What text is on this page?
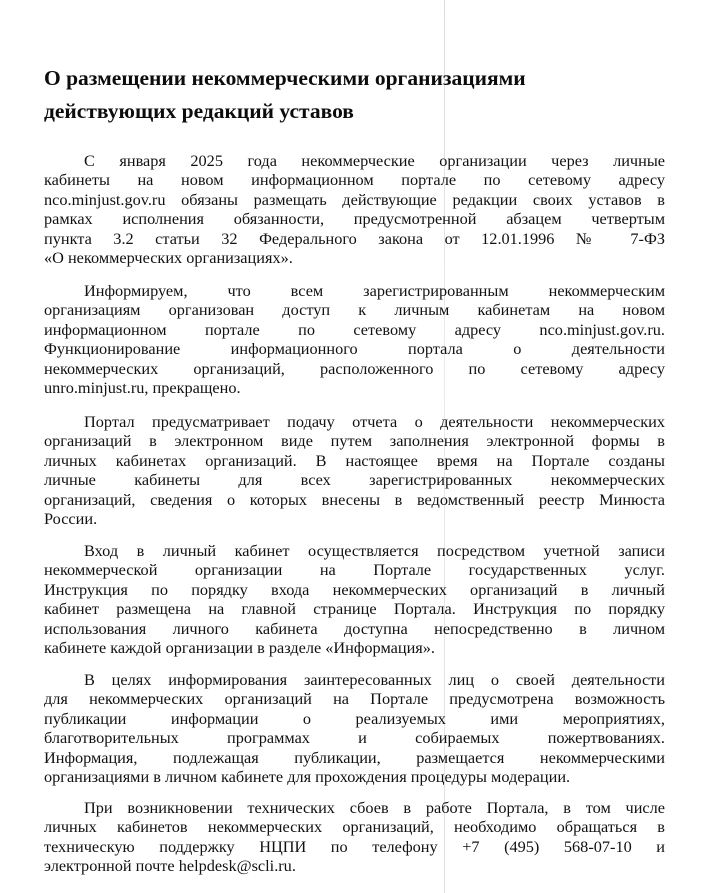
О размещении некоммерческими организациями
действующих редакций уставов

С января 2025 года некоммерческие организации через личные
кабинеты на новом информационном портале по сетевому адресу
nco.minjust.gov.ru обязаны размещать действующие редакции своих уставов в
рамках исполнения обязанности, предусмотренной абзацем четвертым
пункта 3.2 статьи 32 Федерального закона от 12.01.1996 № 7-ФЗ
«О некоммерческих организациях».

Информируем, что всем зарегистрированным некоммерческим
организациям организован доступ к личным кабинетам на новом
информационном портале по сетевому адресу nco.minjust.gov.ru.
Функционирование информационного портала о деятельности
некоммерческих организаций, расположенного по сетевому адресу
unro.minjust.ru, прекращено.

Портал предусматривает подачу отчета о деятельности некоммерческих
организаций в электронном виде путем заполнения электронной формы в
личных кабинетах организаций. В настоящее время на Портале созданы
личные кабинеты для всех зарегистрированных некоммерческих
организаций, сведения о которых внесены в ведомственный реестр Минюста
России.

Вход в личный кабинет осуществляется посредством учетной записи
некоммерческой организации на Портале государственных услуг.
Инструкция по порядку входа некоммерческих организаций в личный
кабинет размещена на главной странице Портала. Инструкция по порядку
использования личного кабинета доступна непосредственно в личном
кабинете каждой организации в разделе «Информация».

В целях информирования заинтересованных лиц о своей деятельности
для некоммерческих организаций на Портале предусмотрена возможность
публикации информации о реализуемых ими мероприятиях,
благотворительных программах и собираемых пожертвованиях.
Информация, подлежащая публикации, размещается некоммерческими
организациями в личном кабинете для прохождения процедуры модерации.

При возникновении технических сбоев в работе Портала, в том числе
личных кабинетов некоммерческих организаций, необходимо обращаться в
техническую поддержку НЦПИ по телефону +7 (495) 568-07-10 и
электронной почте helpdesk@scli.ru.
